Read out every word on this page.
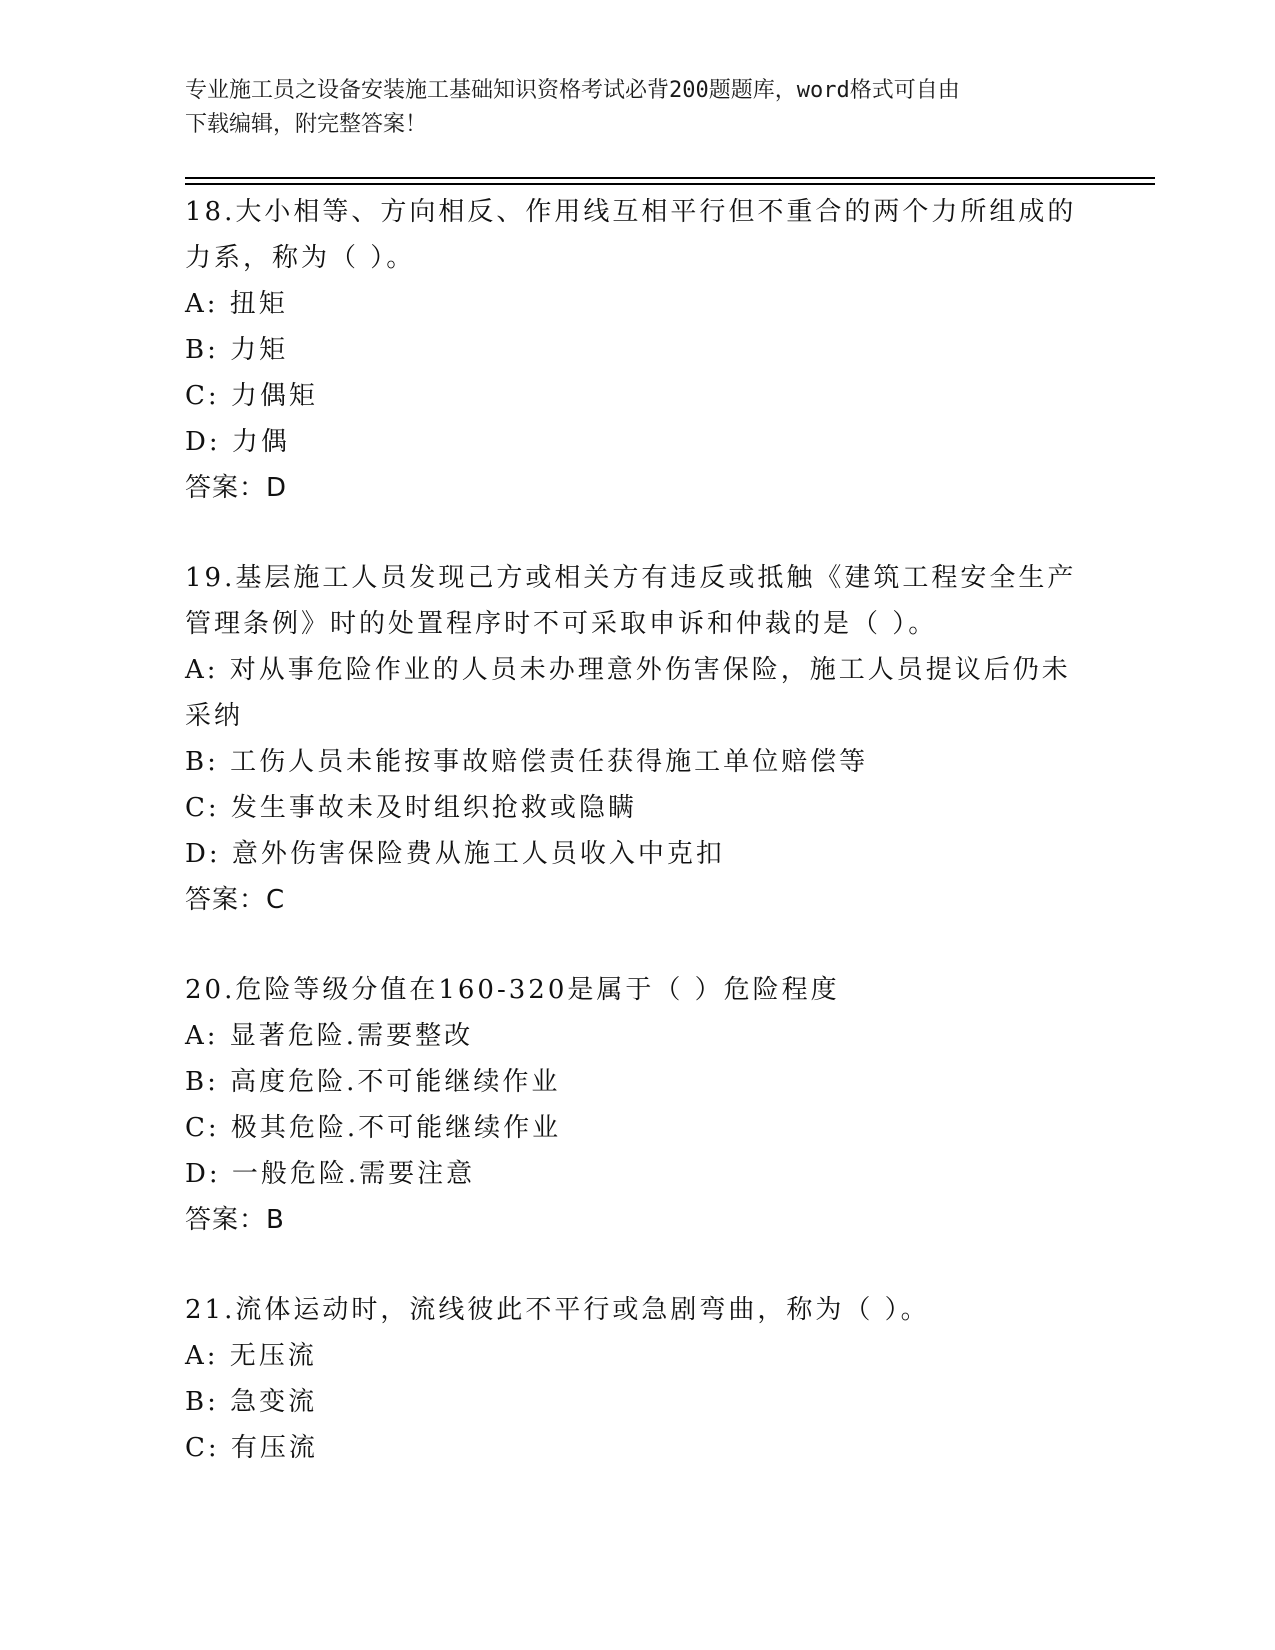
专业施工员之设备安装施工基础知识资格考试必背200题题库，word格式可自由

下载编辑，附完整答案！

18.大小相等、方向相反、作用线互相平行但不重合的两个力所组成的

力系，称为（ ）。

A: 扭矩

B: 力矩

C: 力偶矩

D: 力偶

答案：D

19.基层施工人员发现己方或相关方有违反或抵触《建筑工程安全生产

管理条例》时的处置程序时不可采取申诉和仲裁的是（ ）。

A: 对从事危险作业的人员未办理意外伤害保险，施工人员提议后仍未

采纳

B: 工伤人员未能按事故赔偿责任获得施工单位赔偿等

C: 发生事故未及时组织抢救或隐瞒

D: 意外伤害保险费从施工人员收入中克扣

答案：C

20.危险等级分值在160-320是属于（ ）危险程度

A: 显著危险.需要整改

B: 高度危险.不可能继续作业

C: 极其危险.不可能继续作业

D: 一般危险.需要注意

答案：B

21.流体运动时，流线彼此不平行或急剧弯曲，称为（ ）。

A: 无压流

B: 急变流

C: 有压流
